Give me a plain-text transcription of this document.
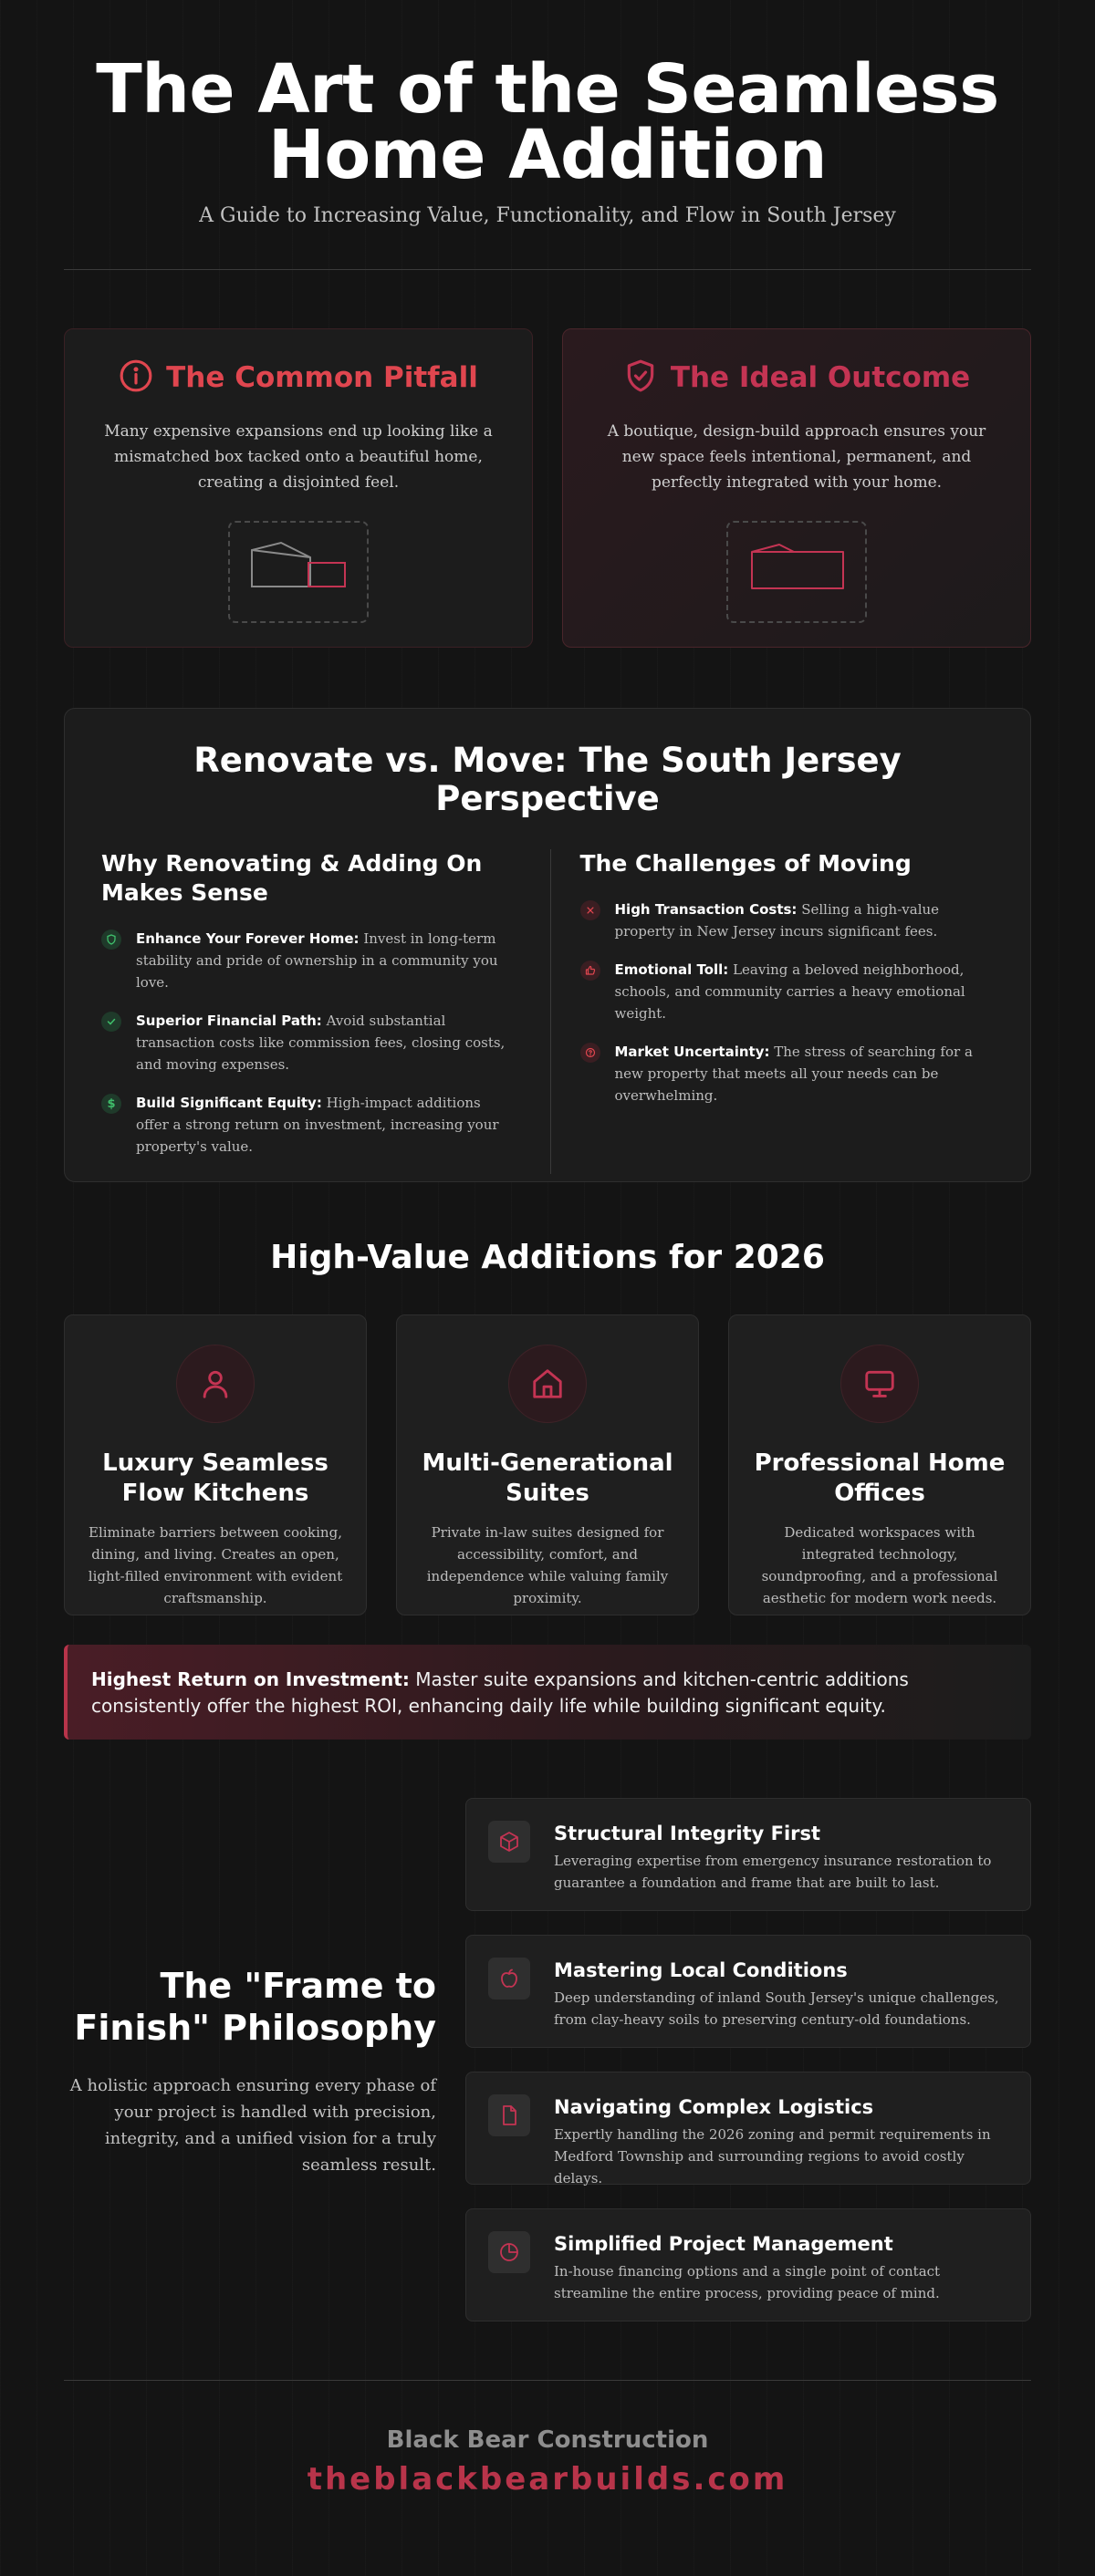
The Art of the Seamless Home Addition
A Guide to Increasing Value, Functionality, and Flow in South Jersey
The Common Pitfall
Many expensive expansions end up looking like a mismatched box tacked onto a beautiful home, creating a disjointed feel.
The Ideal Outcome
A boutique, design-build approach ensures your new space feels intentional, permanent, and perfectly integrated with your home.
Renovate vs. Move: The South Jersey Perspective
Why Renovating & Adding On Makes Sense
Enhance Your Forever Home: Invest in long-term stability and pride of ownership in a community you love.
Superior Financial Path: Avoid substantial transaction costs like commission fees, closing costs, and moving expenses.
$ Build Significant Equity: High-impact additions offer a strong return on investment, increasing your property's value.
The Challenges of Moving
High Transaction Costs: Selling a high-value property in New Jersey incurs significant fees.
Emotional Toll: Leaving a beloved neighborhood, schools, and community carries a heavy emotional weight.
Market Uncertainty: The stress of searching for a new property that meets all your needs can be overwhelming.
High-Value Additions for 2026
Luxury Seamless Flow Kitchens

Eliminate barriers between cooking, dining, and living. Creates an open, light-filled environment with evident craftsmanship.

Multi-Generational Suites

Private in-law suites designed for accessibility, comfort, and independence while valuing family proximity.

Professional Home Offices

Dedicated workspaces with integrated technology, soundproofing, and a professional aesthetic for modern work needs.

Highest Return on Investment: Master suite expansions and kitchen-centric additions consistently offer the highest ROI, enhancing daily life while building significant equity.
The "Frame to Finish" Philosophy

A holistic approach ensuring every phase of your project is handled with precision, integrity, and a unified vision for a truly seamless result.

Structural Integrity First

Leveraging expertise from emergency insurance restoration to guarantee a foundation and frame that are built to last.

Mastering Local Conditions

Deep understanding of inland South Jersey's unique challenges, from clay-heavy soils to preserving century-old foundations.

Navigating Complex Logistics

Expertly handling the 2026 zoning and permit requirements in Medford Township and surrounding regions to avoid costly delays.

Simplified Project Management

In-house financing options and a single point of contact streamline the entire process, providing peace of mind.

Black Bear Construction
theblackbearbuilds.com
